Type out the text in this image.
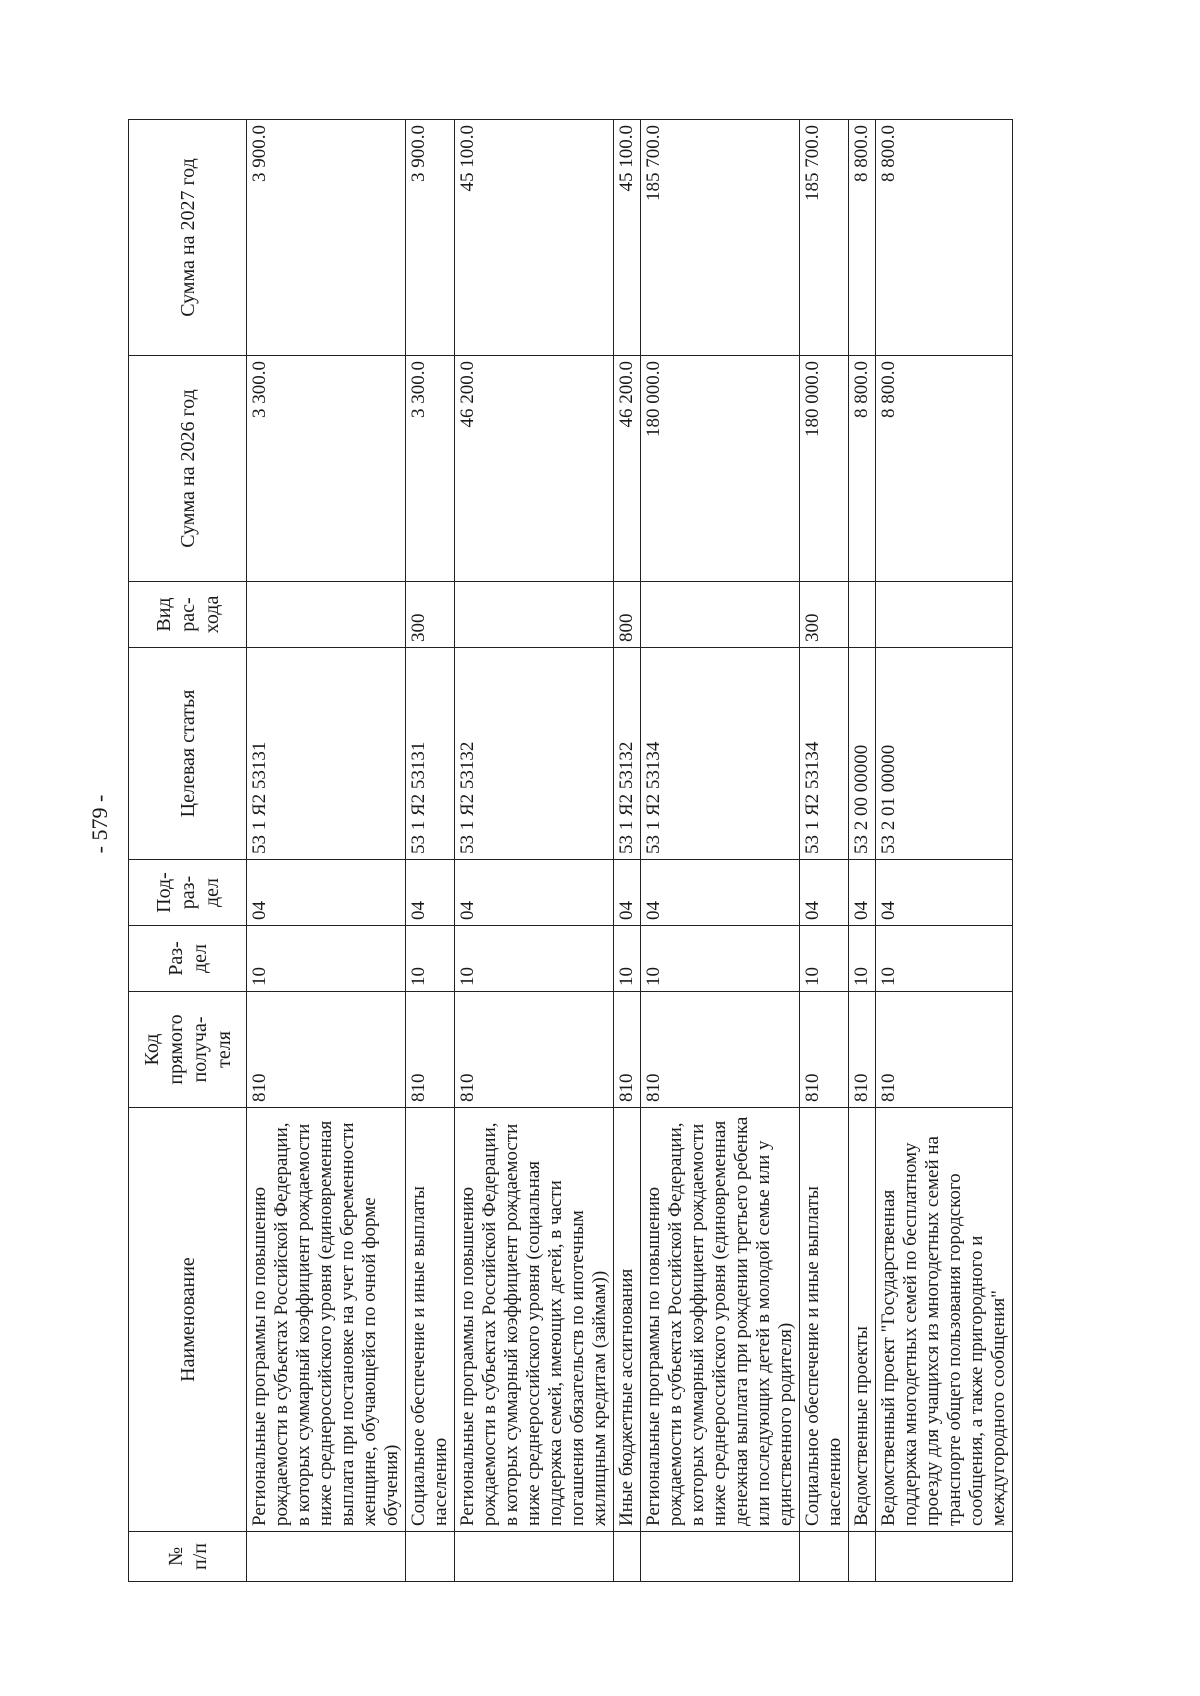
- 579 -
№ п/п	Наименование	Код прямого получа- теля	Раз- дел	Под- раз- дел	Целевая статья	Вид рас- хода	Сумма на 2026 год	Сумма на 2027 год
	Региональные программы по повышению рождаемости в субъектах Российской Федерации, в которых суммарный коэффициент рождаемости ниже среднероссийского уровня (единовременная выплата при постановке на учет по беременности женщине, обучающейся по очной форме обучения)	810	10	04	53 1 Я2 53131		3 300.0	3 900.0
	Социальное обеспечение и иные выплаты населению	810	10	04	53 1 Я2 53131	300	3 300.0	3 900.0
	Региональные программы по повышению рождаемости в субъектах Российской Федерации, в которых суммарный коэффициент рождаемости ниже среднероссийского уровня (социальная поддержка семей, имеющих детей, в части погашения обязательств по ипотечным жилищным кредитам (займам))	810	10	04	53 1 Я2 53132		46 200.0	45 100.0
	Иные бюджетные ассигнования	810	10	04	53 1 Я2 53132	800	46 200.0	45 100.0
	Региональные программы по повышению рождаемости в субъектах Российской Федерации, в которых суммарный коэффициент рождаемости ниже среднероссийского уровня (единовременная денежная выплата при рождении третьего ребенка или последующих детей в молодой семье или у единственного родителя)	810	10	04	53 1 Я2 53134		180 000.0	185 700.0
	Социальное обеспечение и иные выплаты населению	810	10	04	53 1 Я2 53134	300	180 000.0	185 700.0
	Ведомственные проекты	810	10	04	53 2 00 00000		8 800.0	8 800.0
	Ведомственный проект "Государственная поддержка многодетных семей по бесплатному проезду для учащихся из многодетных семей на транспорте общего пользования городского сообщения, а также пригородного и междугородного сообщения"	810	10	04	53 2 01 00000		8 800.0	8 800.0
